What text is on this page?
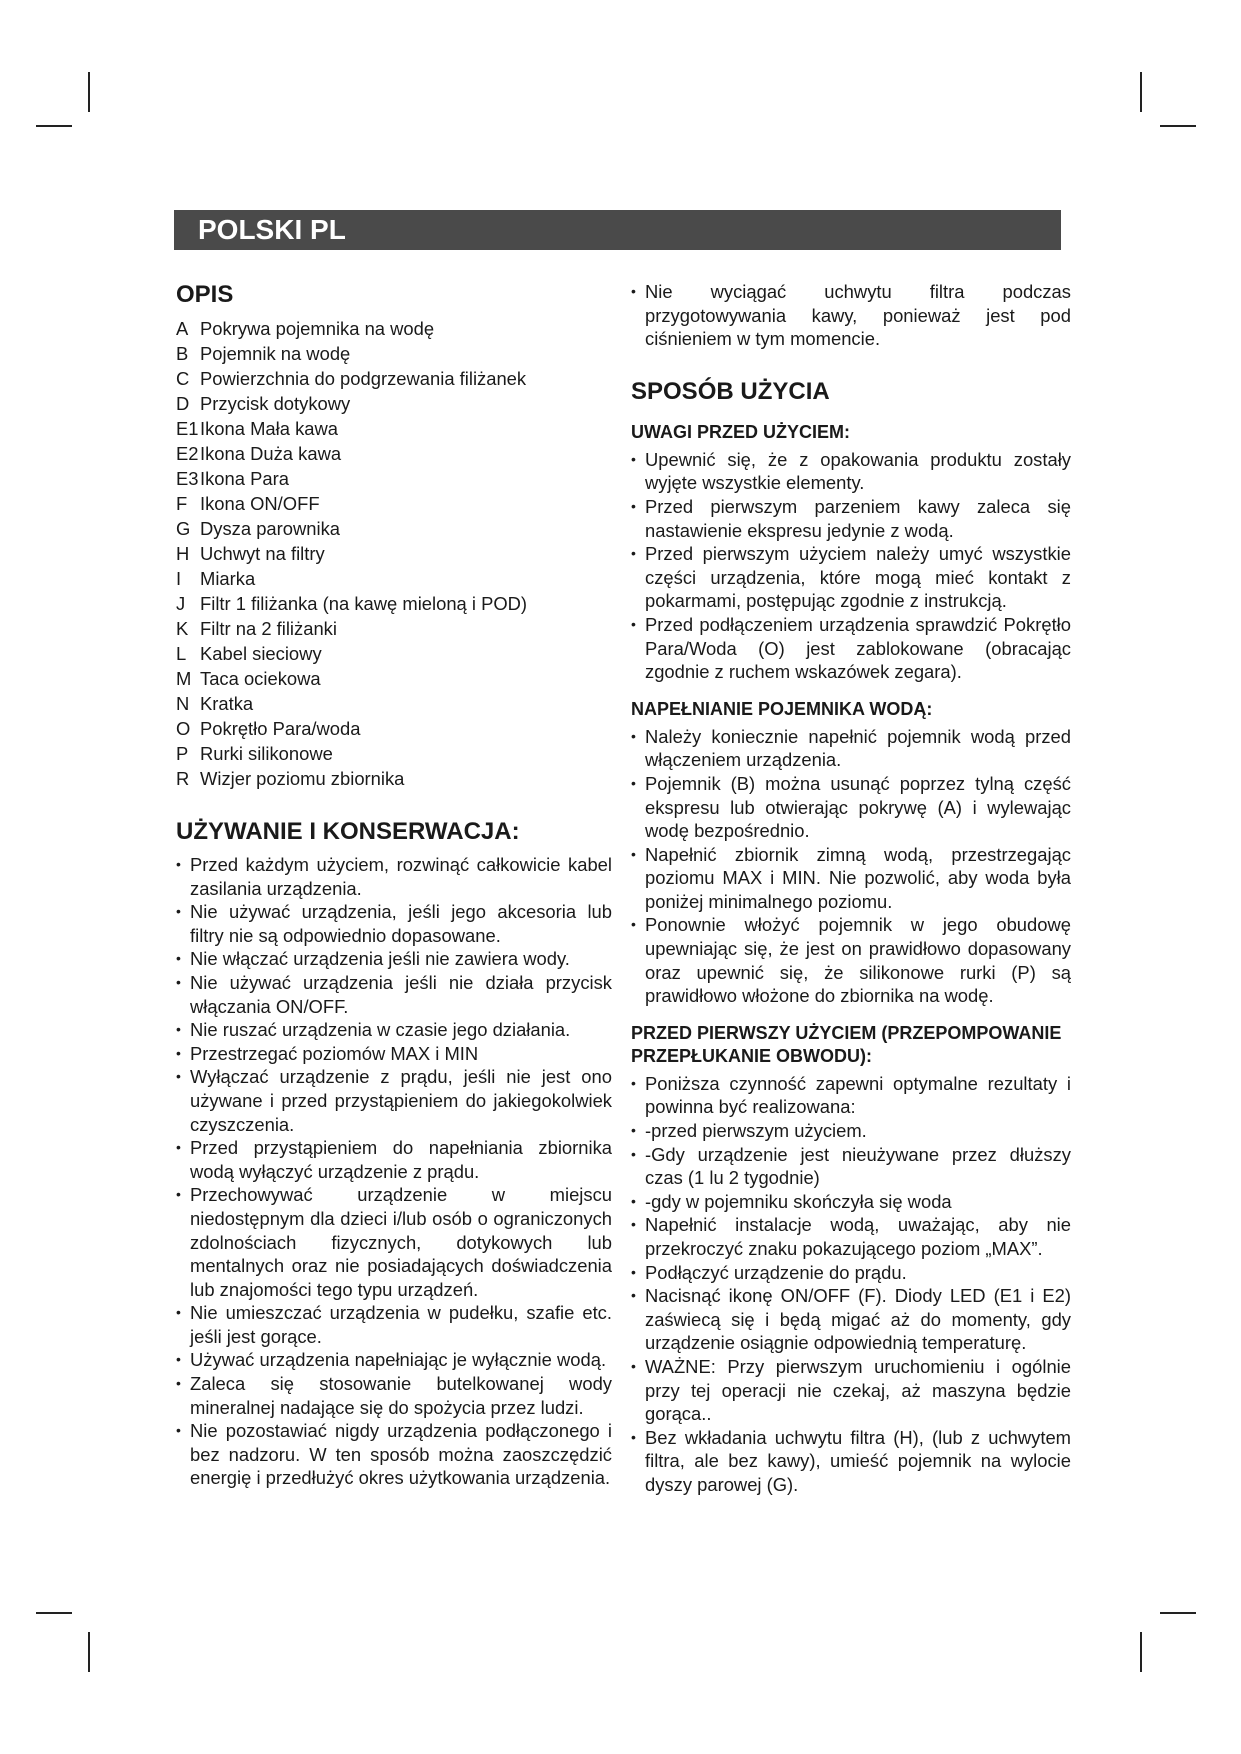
POLSKI PL
OPIS
A Pokrywa pojemnika na wodę
B Pojemnik na wodę
C Powierzchnia do podgrzewania filiżanek
D Przycisk dotykowy
E1Ikona Mała kawa
E2Ikona Duża kawa
E3Ikona Para
F Ikona ON/OFF
G Dysza parownika
H Uchwyt na filtry
I Miarka
J Filtr 1 filiżanka (na kawę mieloną i POD)
K Filtr na 2 filiżanki
L Kabel sieciowy
M Taca ociekowa
N Kratka
O Pokrętło Para/woda
P Rurki silikonowe
R Wizjer poziomu zbiornika
UŻYWANIE I KONSERWACJA:
• Przed każdym użyciem, rozwinąć całkowicie kabel zasilania urządzenia.
• Nie używać urządzenia, jeśli jego akcesoria lub filtry nie są odpowiednio dopasowane.
• Nie włączać urządzenia jeśli nie zawiera wody.
• Nie używać urządzenia jeśli nie działa przycisk włączania ON/OFF.
• Nie ruszać urządzenia w czasie jego działania.
• Przestrzegać poziomów MAX i MIN
• Wyłączać urządzenie z prądu, jeśli nie jest ono używane i przed przystąpieniem do jakiegokolwiek czyszczenia.
• Przed przystąpieniem do napełniania zbiornika wodą wyłączyć urządzenie z prądu.
• Przechowywać urządzenie w miejscu niedostępnym dla dzieci i/lub osób o ograniczonych zdolnościach fizycznych, dotykowych lub mentalnych oraz nie posiadających doświadczenia lub znajomości tego typu urządzeń.
• Nie umieszczać urządzenia w pudełku, szafie etc. jeśli jest gorące.
• Używać urządzenia napełniając je wyłącznie wodą.
• Zaleca się stosowanie butelkowanej wody mineralnej nadające się do spożycia przez ludzi.
• Nie pozostawiać nigdy urządzenia podłączonego i bez nadzoru. W ten sposób można zaoszczędzić energię i przedłużyć okres użytkowania urządzenia.
• Nie wyciągać uchwytu filtra podczas przygotowywania kawy, ponieważ jest pod ciśnieniem w tym momencie.
SPOSÓB UŻYCIA
UWAGI PRZED UŻYCIEM:
• Upewnić się, że z opakowania produktu zostały wyjęte wszystkie elementy.
• Przed pierwszym parzeniem kawy zaleca się nastawienie ekspresu jedynie z wodą.
• Przed pierwszym użyciem należy umyć wszystkie części urządzenia, które mogą mieć kontakt z pokarmami, postępując zgodnie z instrukcją.
• Przed podłączeniem urządzenia sprawdzić Pokrętło Para/Woda (O) jest zablokowane (obracając zgodnie z ruchem wskazówek zegara).
NAPEŁNIANIE POJEMNIKA WODĄ:
• Należy koniecznie napełnić pojemnik wodą przed włączeniem urządzenia.
• Pojemnik (B) można usunąć poprzez tylną część ekspresu lub otwierając pokrywę (A) i wylewając wodę bezpośrednio.
• Napełnić zbiornik zimną wodą, przestrzegając poziomu MAX i MIN. Nie pozwolić, aby woda była poniżej minimalnego poziomu.
• Ponownie włożyć pojemnik w jego obudowę upewniając się, że jest on prawidłowo dopasowany oraz upewnić się, że silikonowe rurki (P) są prawidłowo włożone do zbiornika na wodę.
PRZED PIERWSZY UŻYCIEM (PRZEPOMPOWANIE PRZEPŁUKANIE OBWODU):
• Poniższa czynność zapewni optymalne rezultaty i powinna być realizowana:
• -przed pierwszym użyciem.
• -Gdy urządzenie jest nieużywane przez dłuższy czas (1 lu 2 tygodnie)
• -gdy w pojemniku skończyła się woda
• Napełnić instalacje wodą, uważając, aby nie przekroczyć znaku pokazującego poziom „MAX”.
• Podłączyć urządzenie do prądu.
• Nacisnąć ikonę ON/OFF (F). Diody LED (E1 i E2) zaświecą się i będą migać aż do momenty, gdy urządzenie osiągnie odpowiednią temperaturę.
• WAŻNE: Przy pierwszym uruchomieniu i ogólnie przy tej operacji nie czekaj, aż maszyna będzie gorąca..
• Bez wkładania uchwytu filtra (H), (lub z uchwytem filtra, ale bez kawy), umieść pojemnik na wylocie dyszy parowej (G).
